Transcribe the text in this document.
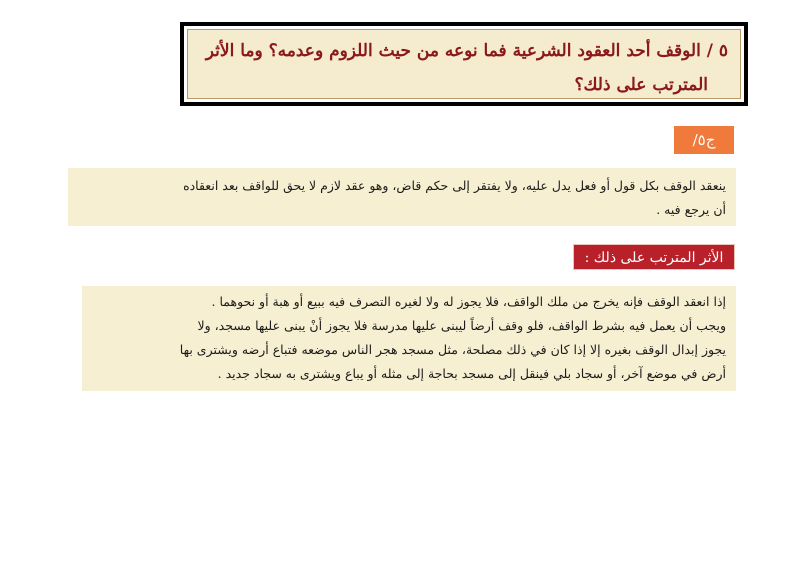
٥ / الوقف أحد العقود الشرعية فما نوعه من حيث اللزوم وعدمه؟ وما الأثر
المترتب على ذلك؟
ج٥/
ينعقد الوقف بكل قول أو فعل يدل عليه، ولا يفتقر إلى حكم قاض، وهو عقد لازم لا يحق للواقف بعد انعقاده
أن يرجع فيه .
الأثر المترتب على ذلك :
إذا انعقد الوقف فإنه يخرج من ملك الواقف، فلا يجوز له ولا لغيره التصرف فيه ببيع أو هبة أو نحوهما .
ويجب أن يعمل فيه بشرط الواقف، فلو وقف أرضاً ليبنى عليها مدرسة فلا يجوز أنْ يبنى عليها مسجد، ولا
يجوز إبدال الوقف بغيره إلا إذا كان في ذلك مصلحة، مثل مسجد هجر الناس موضعه فتباع أرضه ويشترى بها
أرض في موضع آخر، أو سجاد بلي فينقل إلى مسجد بحاجة إلى مثله أو يباع ويشترى به سجاد جديد .
